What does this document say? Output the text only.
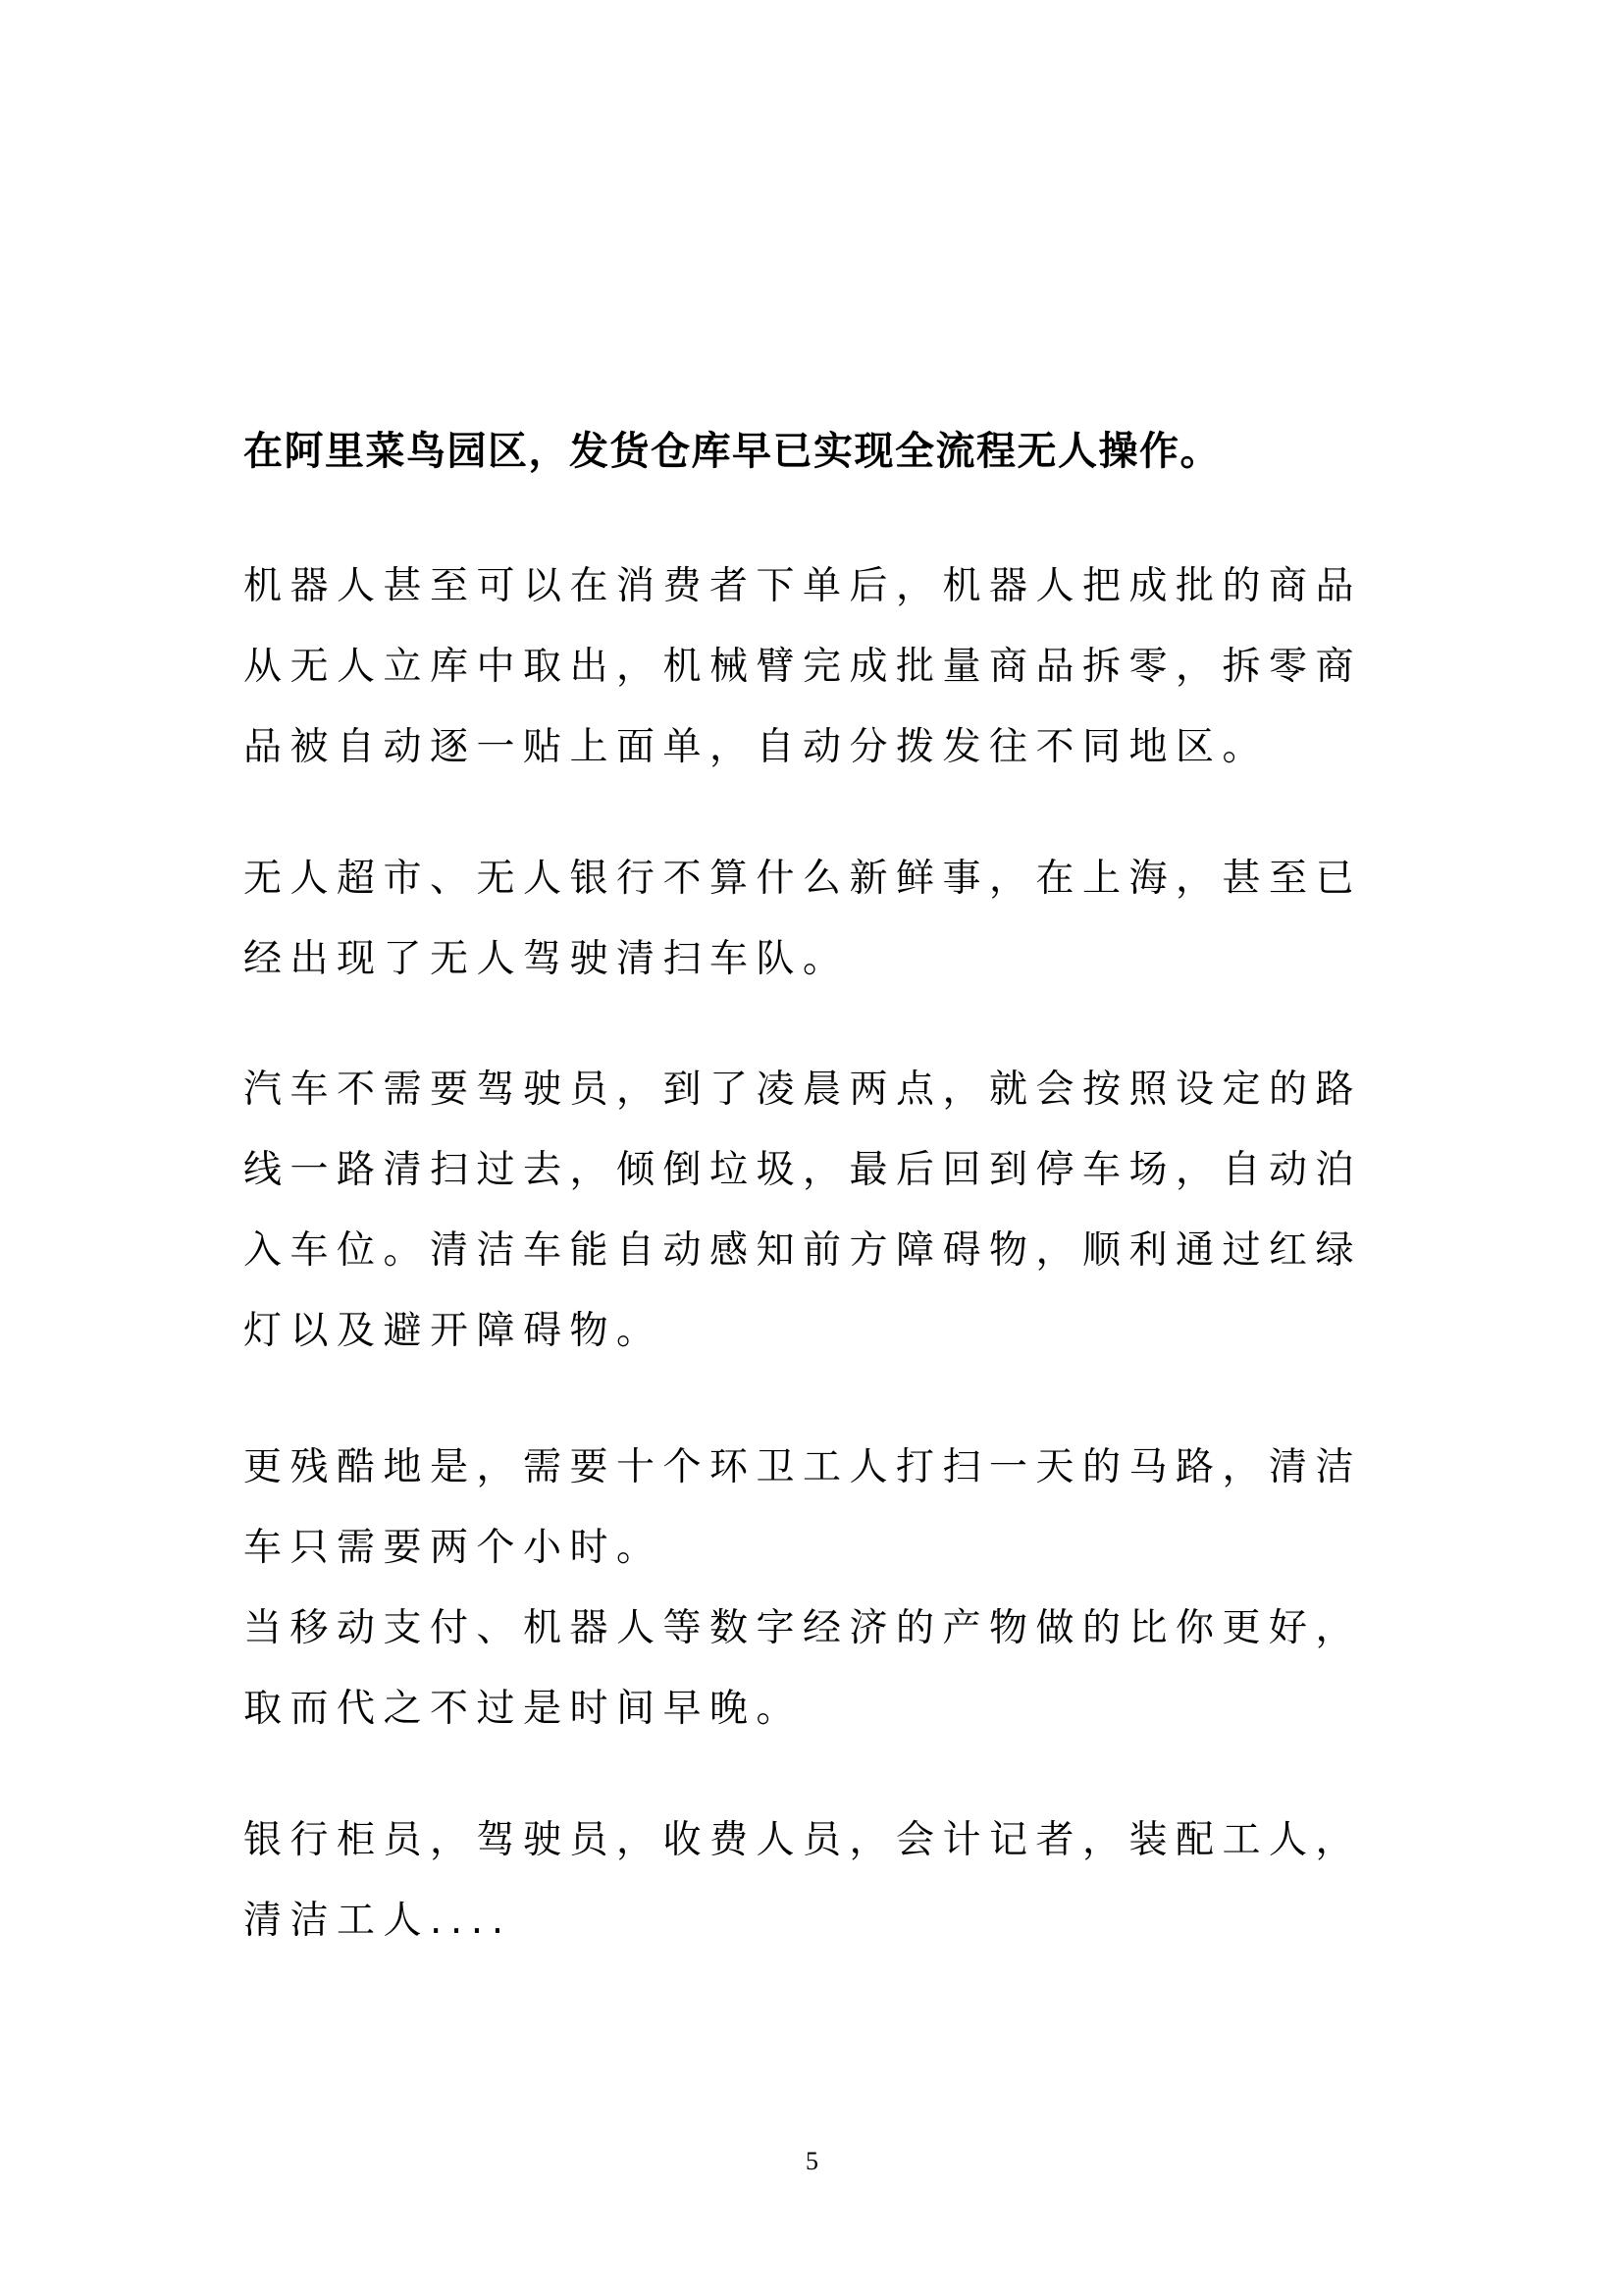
在阿里菜鸟园区，发货仓库早已实现全流程无人操作。

机器人甚至可以在消费者下单后，机器人把成批的商品从无人立库中取出，机械臂完成批量商品拆零，拆零商品被自动逐一贴上面单，自动分拨发往不同地区。

无人超市、无人银行不算什么新鲜事，在上海，甚至已经出现了无人驾驶清扫车队。

汽车不需要驾驶员，到了凌晨两点，就会按照设定的路线一路清扫过去，倾倒垃圾，最后回到停车场，自动泊入车位。清洁车能自动感知前方障碍物，顺利通过红绿灯以及避开障碍物。

更残酷地是，需要十个环卫工人打扫一天的马路，清洁车只需要两个小时。

当移动支付、机器人等数字经济的产物做的比你更好，取而代之不过是时间早晚。

银行柜员，驾驶员，收费人员，会计记者，装配工人，清洁工人....

5
